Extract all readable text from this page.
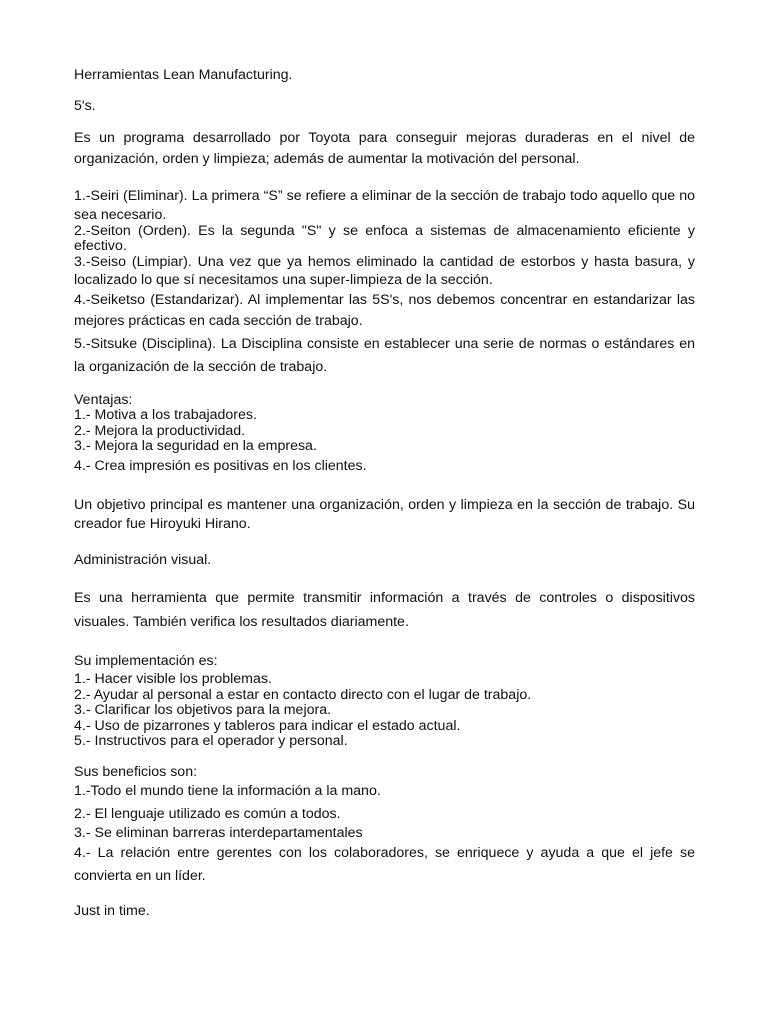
Herramientas Lean Manufacturing.
5's.
Es un programa desarrollado por Toyota para conseguir mejoras duraderas en el nivel de
organización, orden y limpieza; además de aumentar la motivación del personal.
1.-Seiri (Eliminar). La primera “S” se refiere a eliminar de la sección de trabajo todo aquello que no
sea necesario.
2.-Seiton (Orden). Es la segunda "S" y se enfoca a sistemas de almacenamiento eficiente y
efectivo.
3.-Seiso (Limpiar). Una vez que ya hemos eliminado la cantidad de estorbos y hasta basura, y
localizado lo que sí necesitamos una super-limpieza de la sección.
4.-Seiketso (Estandarizar). Al implementar las 5S's, nos debemos concentrar en estandarizar las
mejores prácticas en cada sección de trabajo.
5.-Sitsuke (Disciplina). La Disciplina consiste en establecer una serie de normas o estándares en
la organización de la sección de trabajo.
Ventajas:
1.- Motiva a los trabajadores.
2.- Mejora la productividad.
3.- Mejora la seguridad en la empresa.
4.- Crea impresión es positivas en los clientes.
Un objetivo principal es mantener una organización, orden y limpieza en la sección de trabajo. Su
creador fue Hiroyuki Hirano.
Administración visual.
Es una herramienta que permite transmitir información a través de controles o dispositivos
visuales. También verifica los resultados diariamente.
Su implementación es:
1.- Hacer visible los problemas.
2.- Ayudar al personal a estar en contacto directo con el lugar de trabajo.
3.- Clarificar los objetivos para la mejora.
4.- Uso de pizarrones y tableros para indicar el estado actual.
5.- Instructivos para el operador y personal.
Sus beneficios son:
1.-Todo el mundo tiene la información a la mano.
2.- El lenguaje utilizado es común a todos.
3.- Se eliminan barreras interdepartamentales
4.- La relación entre gerentes con los colaboradores, se enriquece y ayuda a que el jefe se
convierta en un líder.
Just in time.
